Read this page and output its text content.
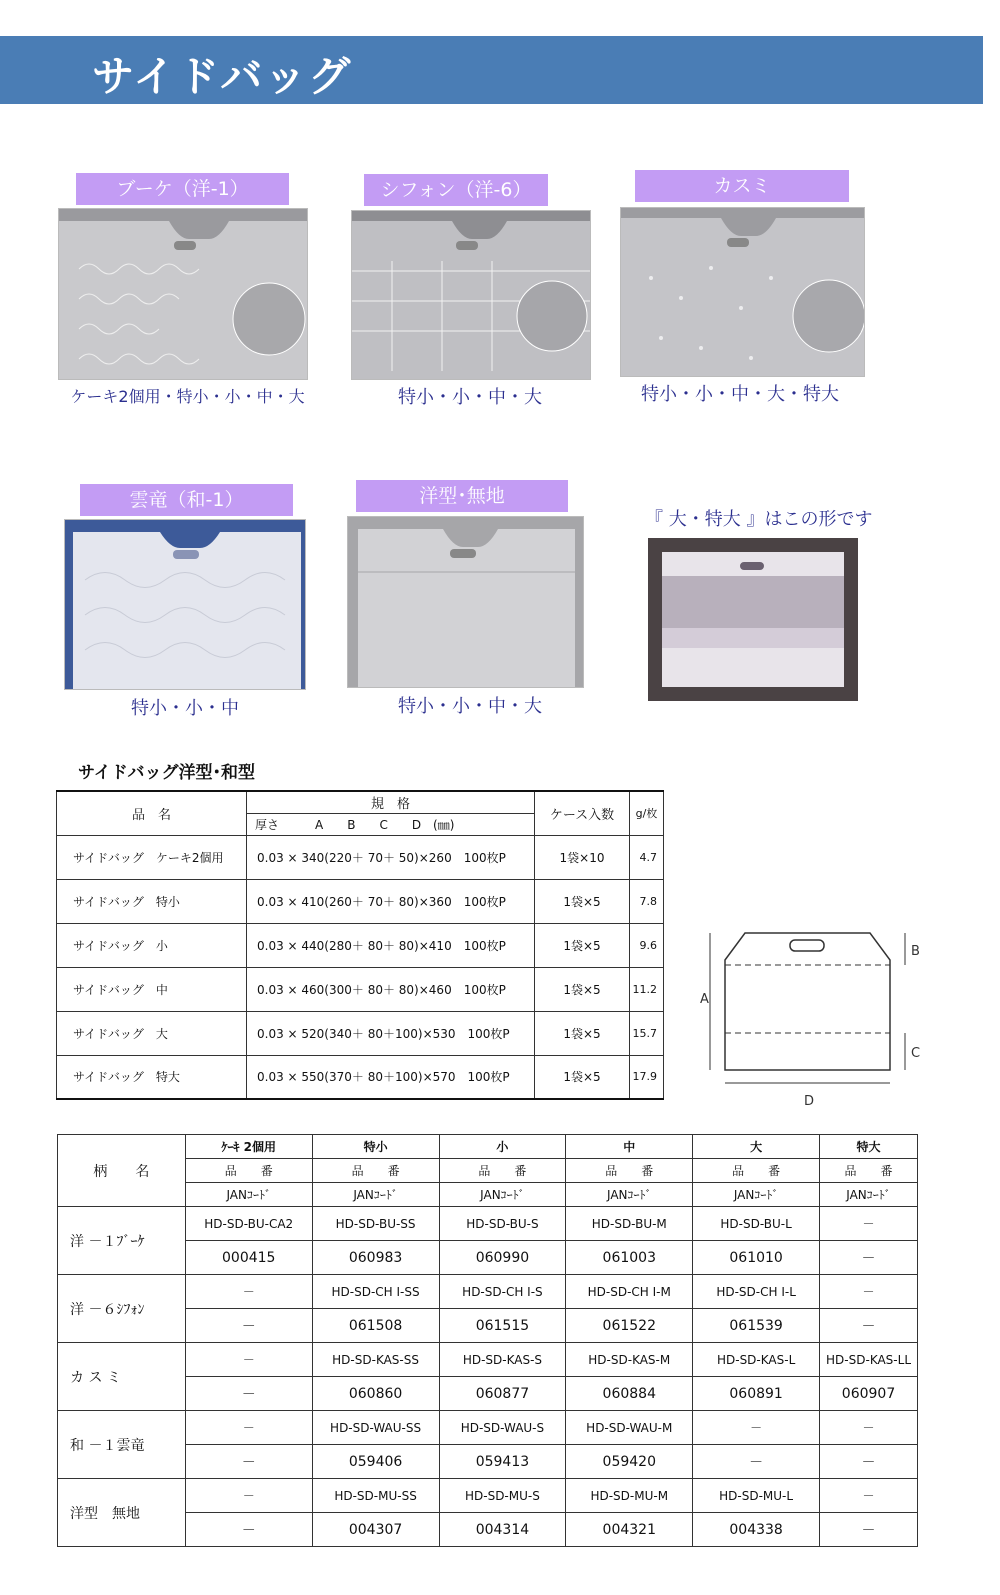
サイドバッグ
ブーケ（洋-1）
ケーキ2個用・特小・小・中・大
シフォン（洋-6）
特小・小・中・大
カスミ
特小・小・中・大・特大
雲竜（和-1）
特小・小・中
洋型･無地
特小・小・中・大
『 大・特大 』はこの形です
サイドバッグ洋型･和型
品　名	規　格	ケース入数	g/枚
	厚さ　　　A　　B　　C　　D　(㎜)		
サイドバッグ　ケーキ2個用	0.03 × 340(220＋ 70＋ 50)×260　100枚P	1袋×10	4.7
サイドバッグ　特小	0.03 × 410(260＋ 70＋ 80)×360　100枚P	1袋×5	7.8
サイドバッグ　小	0.03 × 440(280＋ 80＋ 80)×410　100枚P	1袋×5	9.6
サイドバッグ　中	0.03 × 460(300＋ 80＋ 80)×460　100枚P	1袋×5	11.2
サイドバッグ　大	0.03 × 520(340＋ 80＋100)×530　100枚P	1袋×5	15.7
サイドバッグ　特大	0.03 × 550(370＋ 80＋100)×570　100枚P	1袋×5	17.9
A
B
C
D
柄　　名	ｹｰｷ 2個用	特小	小	中	大	特大
	品　　番	品　　番	品　　番	品　　番	品　　番	品　　番
	JANｺｰﾄﾞ	JANｺｰﾄﾞ	JANｺｰﾄﾞ	JANｺｰﾄﾞ	JANｺｰﾄﾞ	JANｺｰﾄﾞ
洋 －１ﾌﾞｰｹ	HD-SD-BU-CA2	HD-SD-BU-SS	HD-SD-BU-S	HD-SD-BU-M	HD-SD-BU-L	－
	000415	060983	060990	061003	061010	－
洋 －６ｼﾌｫﾝ	－	HD-SD-CH I-SS	HD-SD-CH I-S	HD-SD-CH I-M	HD-SD-CH I-L	－
	－	061508	061515	061522	061539	－
カ ス ミ	－	HD-SD-KAS-SS	HD-SD-KAS-S	HD-SD-KAS-M	HD-SD-KAS-L	HD-SD-KAS-LL
	－	060860	060877	060884	060891	060907
和 －１雲竜	－	HD-SD-WAU-SS	HD-SD-WAU-S	HD-SD-WAU-M	－	－
	－	059406	059413	059420	－	－
洋型　無地	－	HD-SD-MU-SS	HD-SD-MU-S	HD-SD-MU-M	HD-SD-MU-L	－
	－	004307	004314	004321	004338	－
